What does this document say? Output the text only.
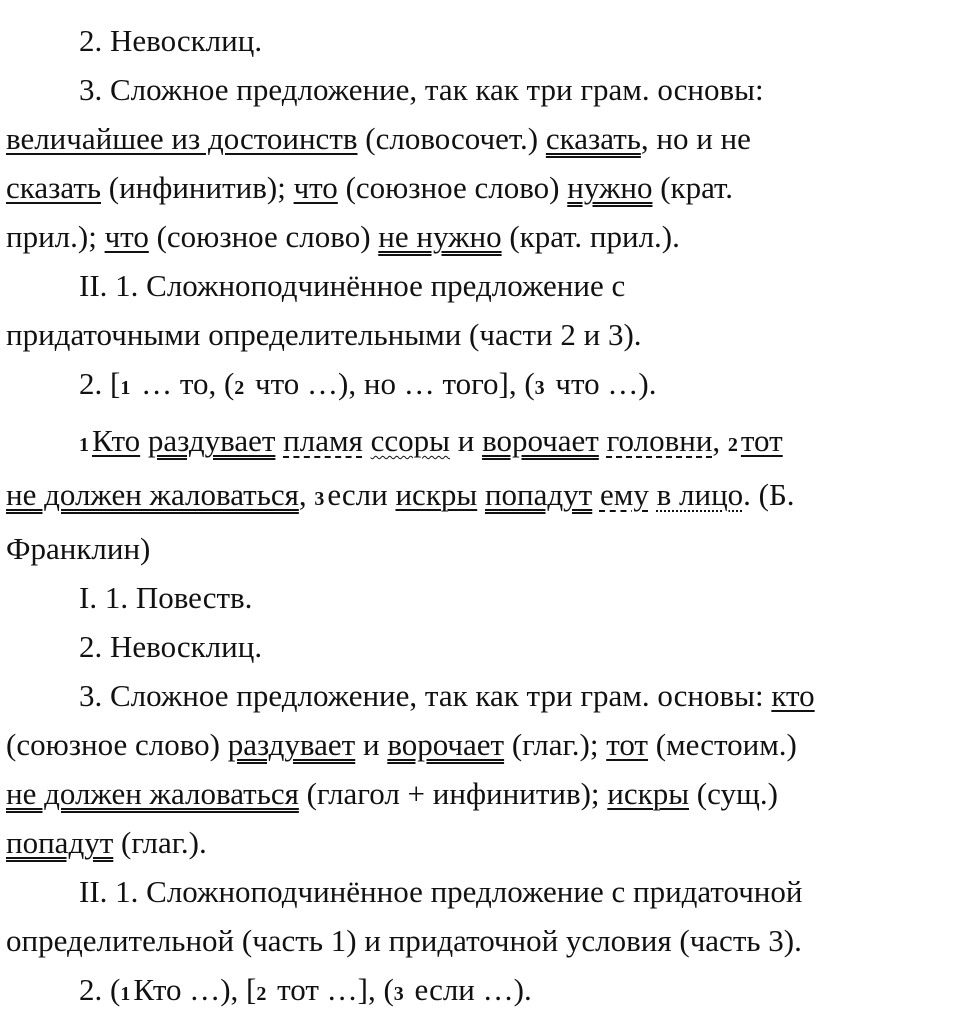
2. Невосклиц.
3. Сложное предложение, так как три грам. основы:
величайшее из достоинств (словосочет.) сказать, но и не
сказать (инфинитив); что (союзное слово) нужно (крат.
прил.); что (союзное слово) не нужно (крат. прил.).
II. 1. Сложноподчинённое предложение с
придаточными определительными (части 2 и 3).
2. [1 … то, (2 что …), но … того], (3 что …).
1Кто раздувает пламя ссоры и ворочает головни, 2тот
не должен жаловаться, 3если искры попадут ему в лицо. (Б.
Франклин)
I. 1. Повеств.
2. Невосклиц.
3. Сложное предложение, так как три грам. основы: кто
(союзное слово) раздувает и ворочает (глаг.); тот (местоим.)
не должен жаловаться (глагол + инфинитив); искры (сущ.)
попадут (глаг.).
II. 1. Сложноподчинённое предложение с придаточной
определительной (часть 1) и придаточной условия (часть 3).
2. (1Кто …), [2 тот …], (3 если …).
